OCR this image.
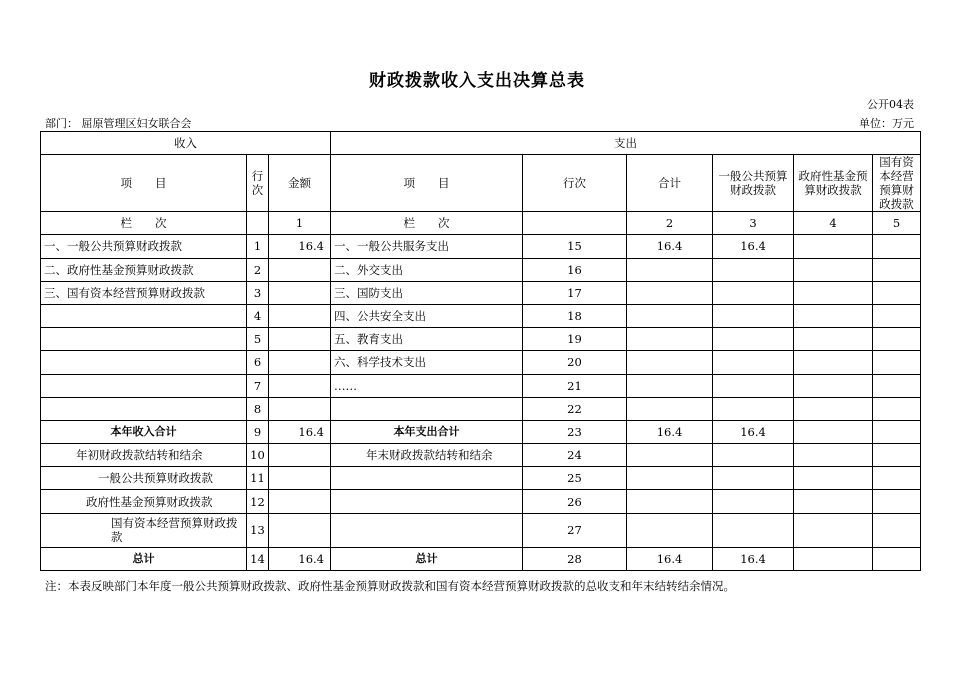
财政拨款收入支出决算总表
公开04表
部门： 屈原管理区妇女联合会	单位：万元
收入			支出					
项　　目	行次	金额	项　　目	行次	合计	一般公共预算财政拨款	政府性基金预算财政拨款	国有资本经营预算财政拨款
栏　　次		1	栏　　次		2	3	4	5
一、一般公共预算财政拨款	1	16.4	一、一般公共服务支出	15	16.4	16.4		
二、政府性基金预算财政拨款	2		二、外交支出	16				
三、国有资本经营预算财政拨款	3		三、国防支出	17				
	4		四、公共安全支出	18				
	5		五、教育支出	19				
	6		六、科学技术支出	20				
	7		……	21				
	8			22				
本年收入合计	9	16.4	本年支出合计	23	16.4	16.4		
年初财政拨款结转和结余	10		年末财政拨款结转和结余	24				
一般公共预算财政拨款	11			25				
政府性基金预算财政拨款	12			26				
国有资本经营预算财政拨款	13			27				
总计	14	16.4	总计	28	16.4	16.4		
注：本表反映部门本年度一般公共预算财政拨款、政府性基金预算财政拨款和国有资本经营预算财政拨款的总收支和年末结转结余情况。
